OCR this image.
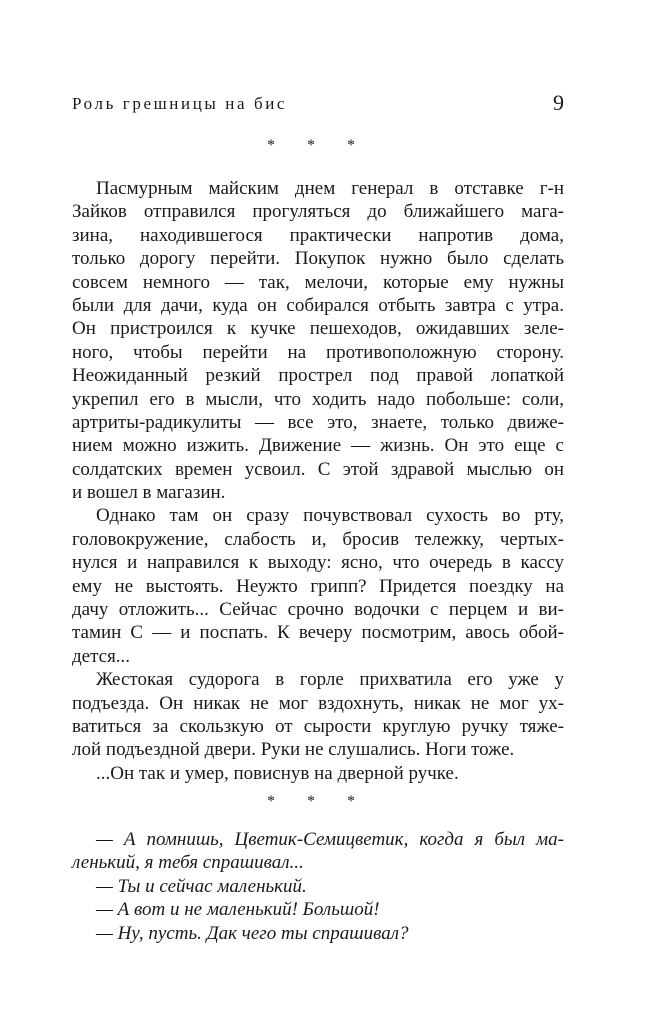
Роль грешницы на бис	9
* * *
Пасмурным майским днем генерал в отставке г-н
Зайков отправился прогуляться до ближайшего мага-
зина, находившегося практически напротив дома,
только дорогу перейти. Покупок нужно было сделать
совсем немного — так, мелочи, которые ему нужны
были для дачи, куда он собирался отбыть завтра с утра.
Он пристроился к кучке пешеходов, ожидавших зеле-
ного, чтобы перейти на противоположную сторону.
Неожиданный резкий прострел под правой лопаткой
укрепил его в мысли, что ходить надо побольше: соли,
артриты-радикулиты — все это, знаете, только движе-
нием можно изжить. Движение — жизнь. Он это еще с
солдатских времен усвоил. С этой здравой мыслью он
и вошел в магазин.
Однако там он сразу почувствовал сухость во рту,
головокружение, слабость и, бросив тележку, чертых-
нулся и направился к выходу: ясно, что очередь в кассу
ему не выстоять. Неужто грипп? Придется поездку на
дачу отложить... Сейчас срочно водочки с перцем и ви-
тамин С — и поспать. К вечеру посмотрим, авось обой-
дется...
Жестокая судорога в горле прихватила его уже у
подъезда. Он никак не мог вздохнуть, никак не мог ух-
ватиться за скользкую от сырости круглую ручку тяже-
лой подъездной двери. Руки не слушались. Ноги тоже.
...Он так и умер, повиснув на дверной ручке.
* * *
— А помнишь, Цветик-Семицветик, когда я был ма-
ленький, я тебя спрашивал...
— Ты и сейчас маленький.
— А вот и не маленький! Большой!
— Ну, пусть. Дак чего ты спрашивал?
